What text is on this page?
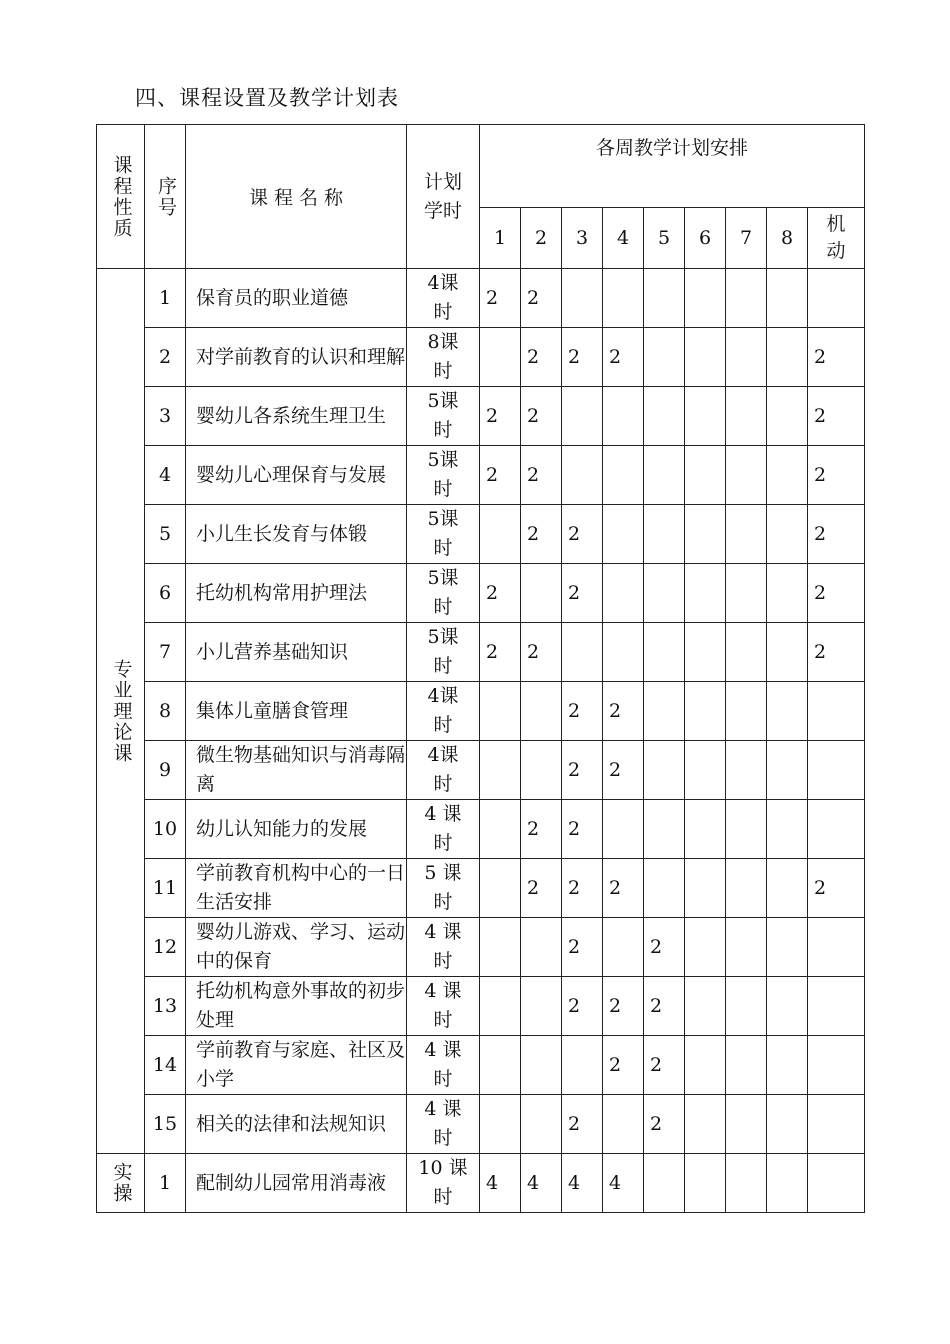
四、课程设置及教学计划表
课程性质	序号	课 程 名 称	计划学时	各周教学计划安排								
				1	2	3	4	5	6	7	8	机动

专业理论课	1	保育员的职业道德	4课时	2	2							
	2	对学前教育的认识和理解	8课时		2	2	2					2
	3	婴幼儿各系统生理卫生	5课时	2	2							2
	4	婴幼儿心理保育与发展	5课时	2	2							2
	5	小儿生长发育与体锻	5课时		2	2						2
	6	托幼机构常用护理法	5课时	2		2						2
	7	小儿营养基础知识	5课时	2	2							2
	8	集体儿童膳食管理	4课时			2	2					
	9	微生物基础知识与消毒隔离	4课时			2	2					
	10	幼儿认知能力的发展	4 课时		2	2						
	11	学前教育机构中心的一日生活安排	5 课时		2	2	2					2
	12	婴幼儿游戏、学习、运动中的保育	4 课时			2		2				
	13	托幼机构意外事故的初步处理	4 课时			2	2	2				
	14	学前教育与家庭、社区及小学	4 课时				2	2				
	15	相关的法律和法规知识	4 课时			2		2				

实操	1	配制幼儿园常用消毒液	10 课时	4	4	4	4					
